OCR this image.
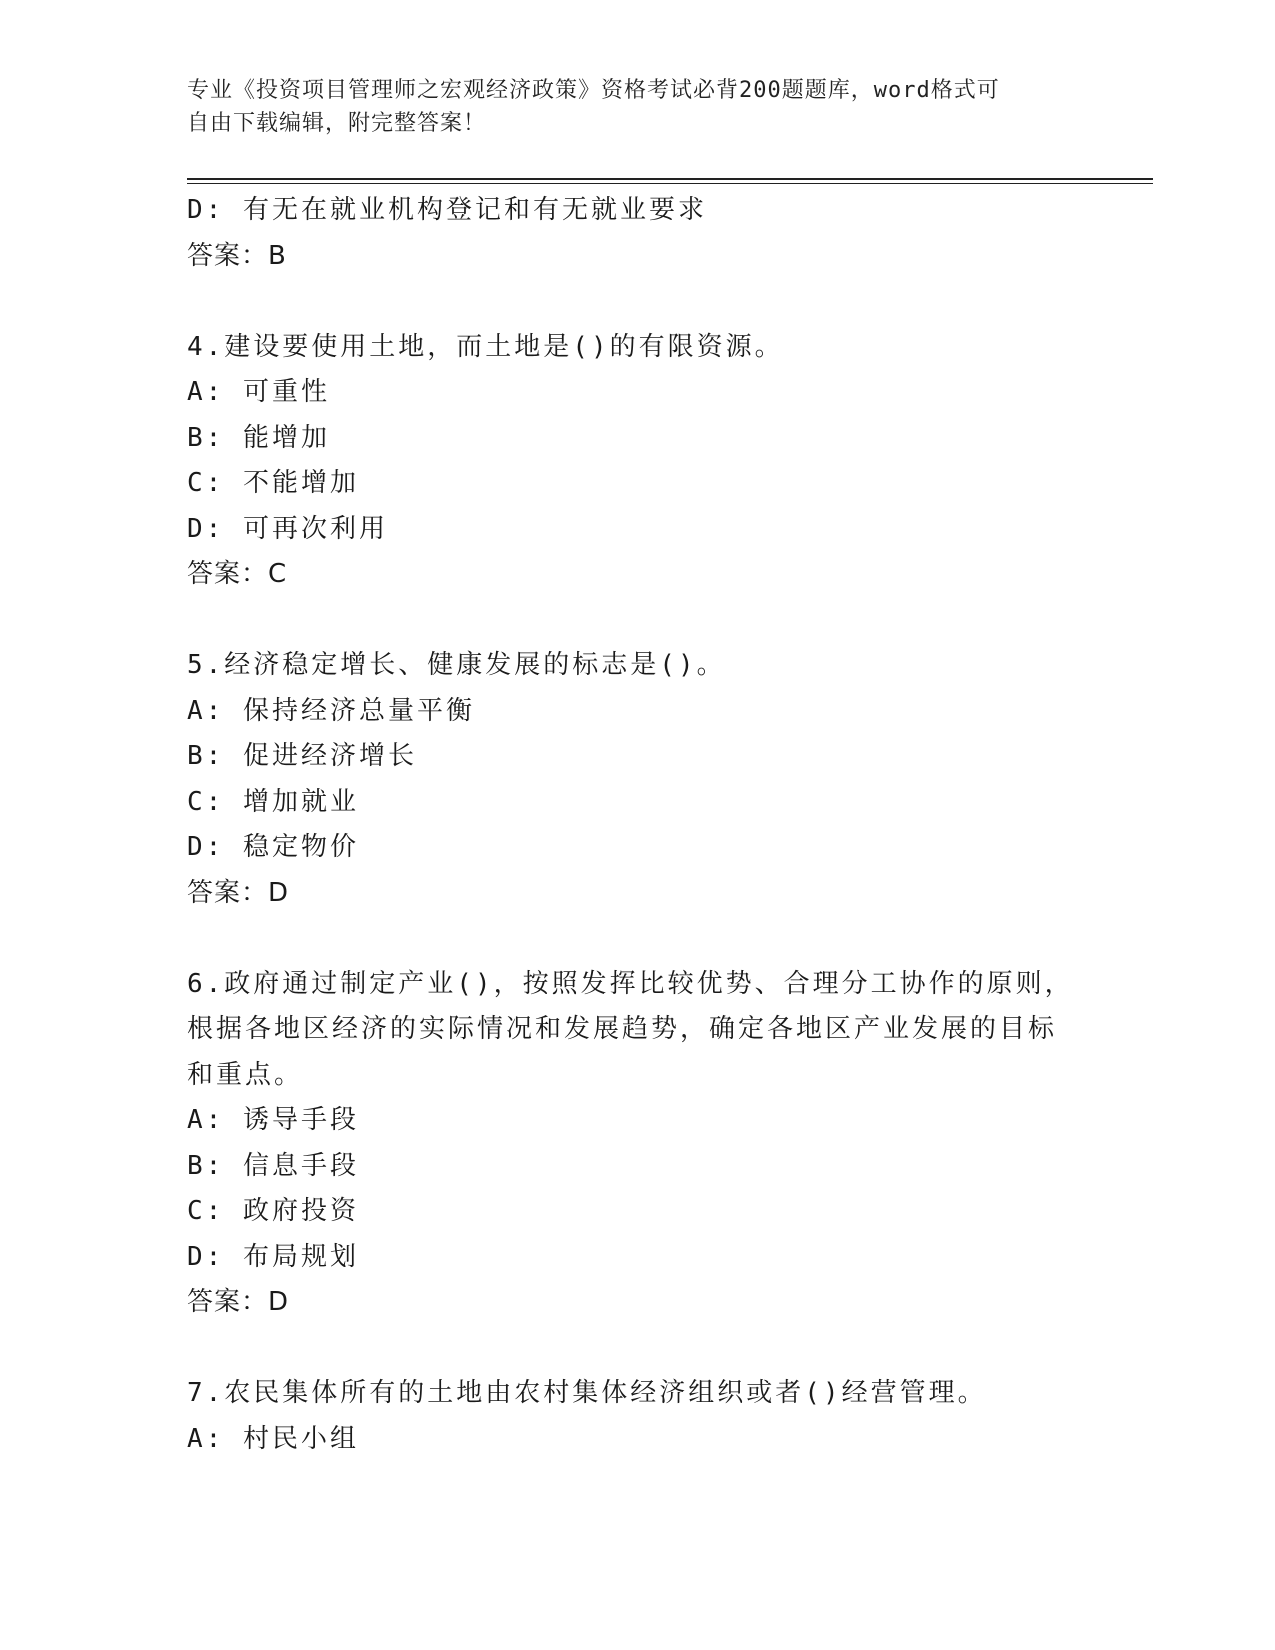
专业《投资项目管理师之宏观经济政策》资格考试必背200题题库，word格式可
自由下载编辑，附完整答案！
D: 有无在就业机构登记和有无就业要求
答案：B
4.建设要使用土地，而土地是()的有限资源。
A: 可重性
B: 能增加
C: 不能增加
D: 可再次利用
答案：C
5.经济稳定增长、健康发展的标志是()。
A: 保持经济总量平衡
B: 促进经济增长
C: 增加就业
D: 稳定物价
答案：D
6.政府通过制定产业()，按照发挥比较优势、合理分工协作的原则，
根据各地区经济的实际情况和发展趋势，确定各地区产业发展的目标
和重点。
A: 诱导手段
B: 信息手段
C: 政府投资
D: 布局规划
答案：D
7.农民集体所有的土地由农村集体经济组织或者()经营管理。
A: 村民小组
